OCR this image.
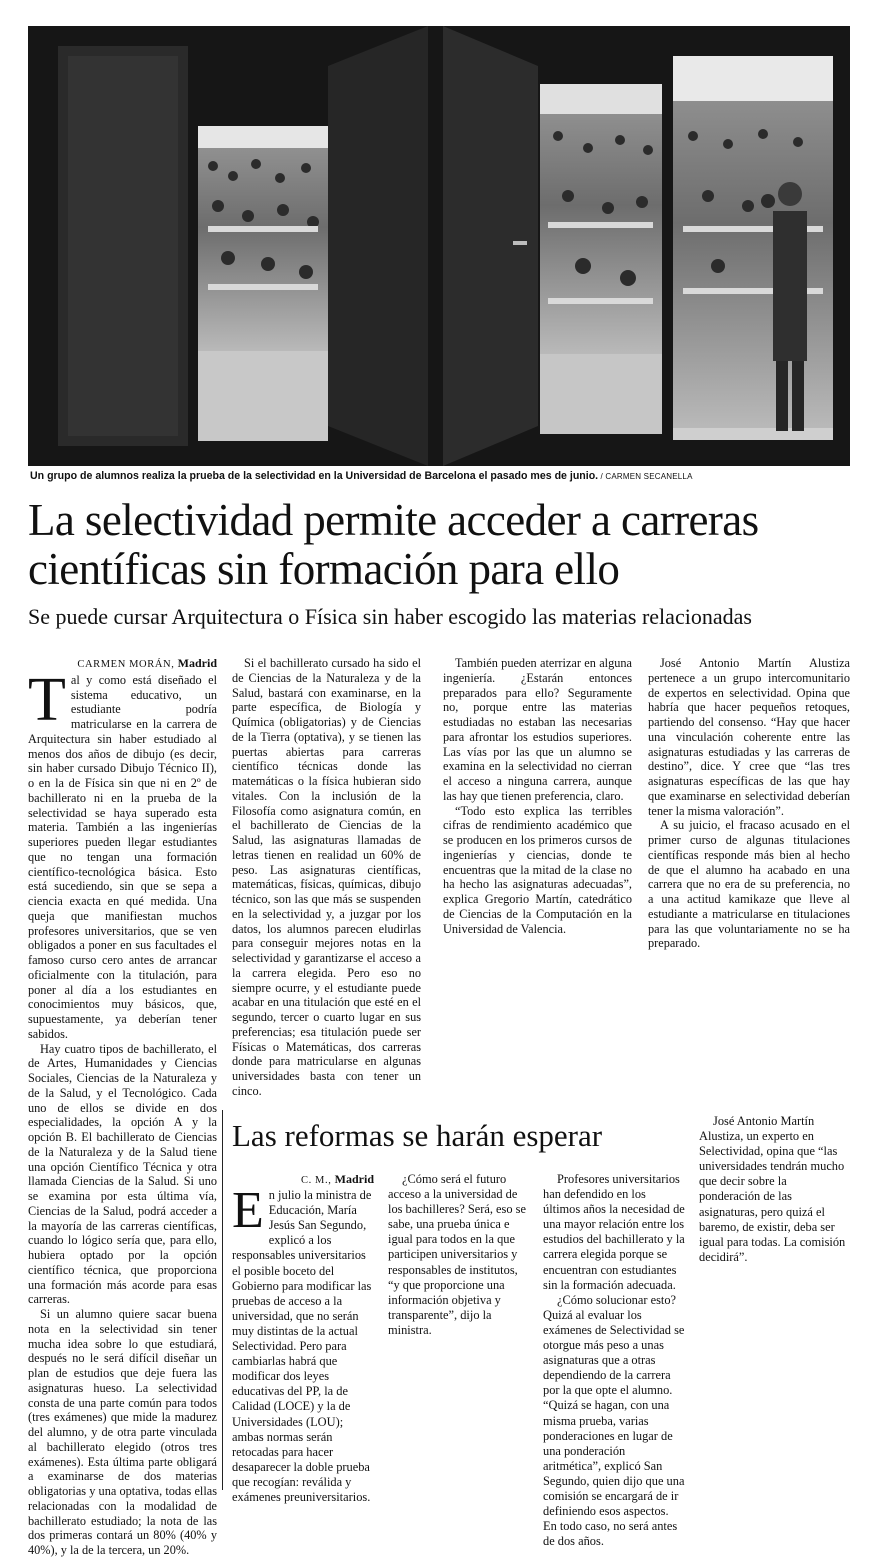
Un grupo de alumnos realiza la prueba de la selectividad en la Universidad de Barcelona el pasado mes de junio. / CARMEN SECANELLA
La selectividad permite acceder a carreras científicas sin formación para ello
Se puede cursar Arquitectura o Física sin haber escogido las materias relacionadas
CARMEN MORÁN, Madrid

Tal y como está diseñado el sistema educativo, un estudiante podría matricularse en la carrera de Arquitectura sin haber estudiado al menos dos años de dibujo (es decir, sin haber cursado Dibujo Técnico II), o en la de Física sin que ni en 2º de bachillerato ni en la prueba de la selectividad se haya superado esta materia. También a las ingenierías superiores pueden llegar estudiantes que no tengan una formación científico-tecnológica básica. Esto está sucediendo, sin que se sepa a ciencia exacta en qué medida. Una queja que manifiestan muchos profesores universitarios, que se ven obligados a poner en sus facultades el famoso curso cero antes de arrancar oficialmente con la titulación, para poner al día a los estudiantes en conocimientos muy básicos, que, supuestamente, ya deberían tener sabidos.

Hay cuatro tipos de bachillerato, el de Artes, Humanidades y Ciencias Sociales, Ciencias de la Naturaleza y de la Salud, y el Tecnológico. Cada uno de ellos se divide en dos especialidades, la opción A y la opción B. El bachillerato de Ciencias de la Naturaleza y de la Salud tiene una opción Científico Técnica y otra llamada Ciencias de la Salud. Si uno se examina por esta última vía, Ciencias de la Salud, podrá acceder a la mayoría de las carreras científicas, cuando lo lógico sería que, para ello, hubiera optado por la opción científico técnica, que proporciona una formación más acorde para esas carreras.

Si un alumno quiere sacar buena nota en la selectividad sin tener mucha idea sobre lo que estudiará, después no le será difícil diseñar un plan de estudios que deje fuera las asignaturas hueso. La selectividad consta de una parte común para todos (tres exámenes) que mide la madurez del alumno, y de otra parte vinculada al bachillerato elegido (otros tres exámenes). Esta última parte obligará a examinarse de dos materias obligatorias y una optativa, todas ellas relacionadas con la modalidad de bachillerato estudiado; la nota de las dos primeras contará un 80% (40% y 40%), y la de la tercera, un 20%.

Si el bachillerato cursado ha sido el de Ciencias de la Naturaleza y de la Salud, bastará con examinarse, en la parte específica, de Biología y Química (obligatorias) y de Ciencias de la Tierra (optativa), y se tienen las puertas abiertas para carreras científico técnicas donde las matemáticas o la física hubieran sido vitales. Con la inclusión de la Filosofía como asignatura común, en el bachillerato de Ciencias de la Salud, las asignaturas llamadas de letras tienen en realidad un 60% de peso. Las asignaturas científicas, matemáticas, físicas, químicas, dibujo técnico, son las que más se suspenden en la selectividad y, a juzgar por los datos, los alumnos parecen eludirlas para conseguir mejores notas en la selectividad y garantizarse el acceso a la carrera elegida. Pero eso no siempre ocurre, y el estudiante puede acabar en una titulación que esté en el segundo, tercer o cuarto lugar en sus preferencias; esa titulación puede ser Físicas o Matemáticas, dos carreras donde para matricularse en algunas universidades basta con tener un cinco.

También pueden aterrizar en alguna ingeniería. ¿Estarán entonces preparados para ello? Seguramente no, porque entre las materias estudiadas no estaban las necesarias para afrontar los estudios superiores. Las vías por las que un alumno se examina en la selectividad no cierran el acceso a ninguna carrera, aunque las hay que tienen preferencia, claro.

“Todo esto explica las terribles cifras de rendimiento académico que se producen en los primeros cursos de ingenierías y ciencias, donde te encuentras que la mitad de la clase no ha hecho las asignaturas adecuadas”, explica Gregorio Martín, catedrático de Ciencias de la Computación en la Universidad de Valencia.

José Antonio Martín Alustiza pertenece a un grupo intercomunitario de expertos en selectividad. Opina que habría que hacer pequeños retoques, partiendo del consenso. “Hay que hacer una vinculación coherente entre las asignaturas estudiadas y las carreras de destino”, dice. Y cree que “las tres asignaturas específicas de las que hay que examinarse en selectividad deberían tener la misma valoración”.

A su juicio, el fracaso acusado en el primer curso de algunas titulaciones científicas responde más bien al hecho de que el alumno ha acabado en una carrera que no era de su preferencia, no a una actitud kamikaze que lleve al estudiante a matricularse en titulaciones para las que voluntariamente no se ha preparado.

Las reformas se harán esperar
C. M., Madrid

En julio la ministra de Educación, María Jesús San Segundo, explicó a los responsables universitarios el posible boceto del Gobierno para modificar las pruebas de acceso a la universidad, que no serán muy distintas de la actual Selectividad. Pero para cambiarlas habrá que modificar dos leyes educativas del PP, la de Calidad (LOCE) y la de Universidades (LOU); ambas normas serán retocadas para hacer desaparecer la doble prueba que recogían: reválida y exámenes preuniversitarios.

¿Cómo será el futuro acceso a la universidad de los bachilleres? Será, eso se sabe, una prueba única e igual para todos en la que participen universitarios y responsables de institutos, “y que proporcione una información objetiva y transparente”, dijo la ministra.

Profesores universitarios han defendido en los últimos años la necesidad de una mayor relación entre los estudios del bachillerato y la carrera elegida porque se encuentran con estudiantes sin la formación adecuada.

¿Cómo solucionar esto? Quizá al evaluar los exámenes de Selectividad se otorgue más peso a unas asignaturas que a otras dependiendo de la carrera por la que opte el alumno. “Quizá se hagan, con una misma prueba, varias ponderaciones en lugar de una ponderación aritmética”, explicó San Segundo, quien dijo que una comisión se encargará de ir definiendo esos aspectos. En todo caso, no será antes de dos años.

José Antonio Martín Alustiza, un experto en Selectividad, opina que “las universidades tendrán mucho que decir sobre la ponderación de las asignaturas, pero quizá el baremo, de existir, deba ser igual para todas. La comisión decidirá”.
